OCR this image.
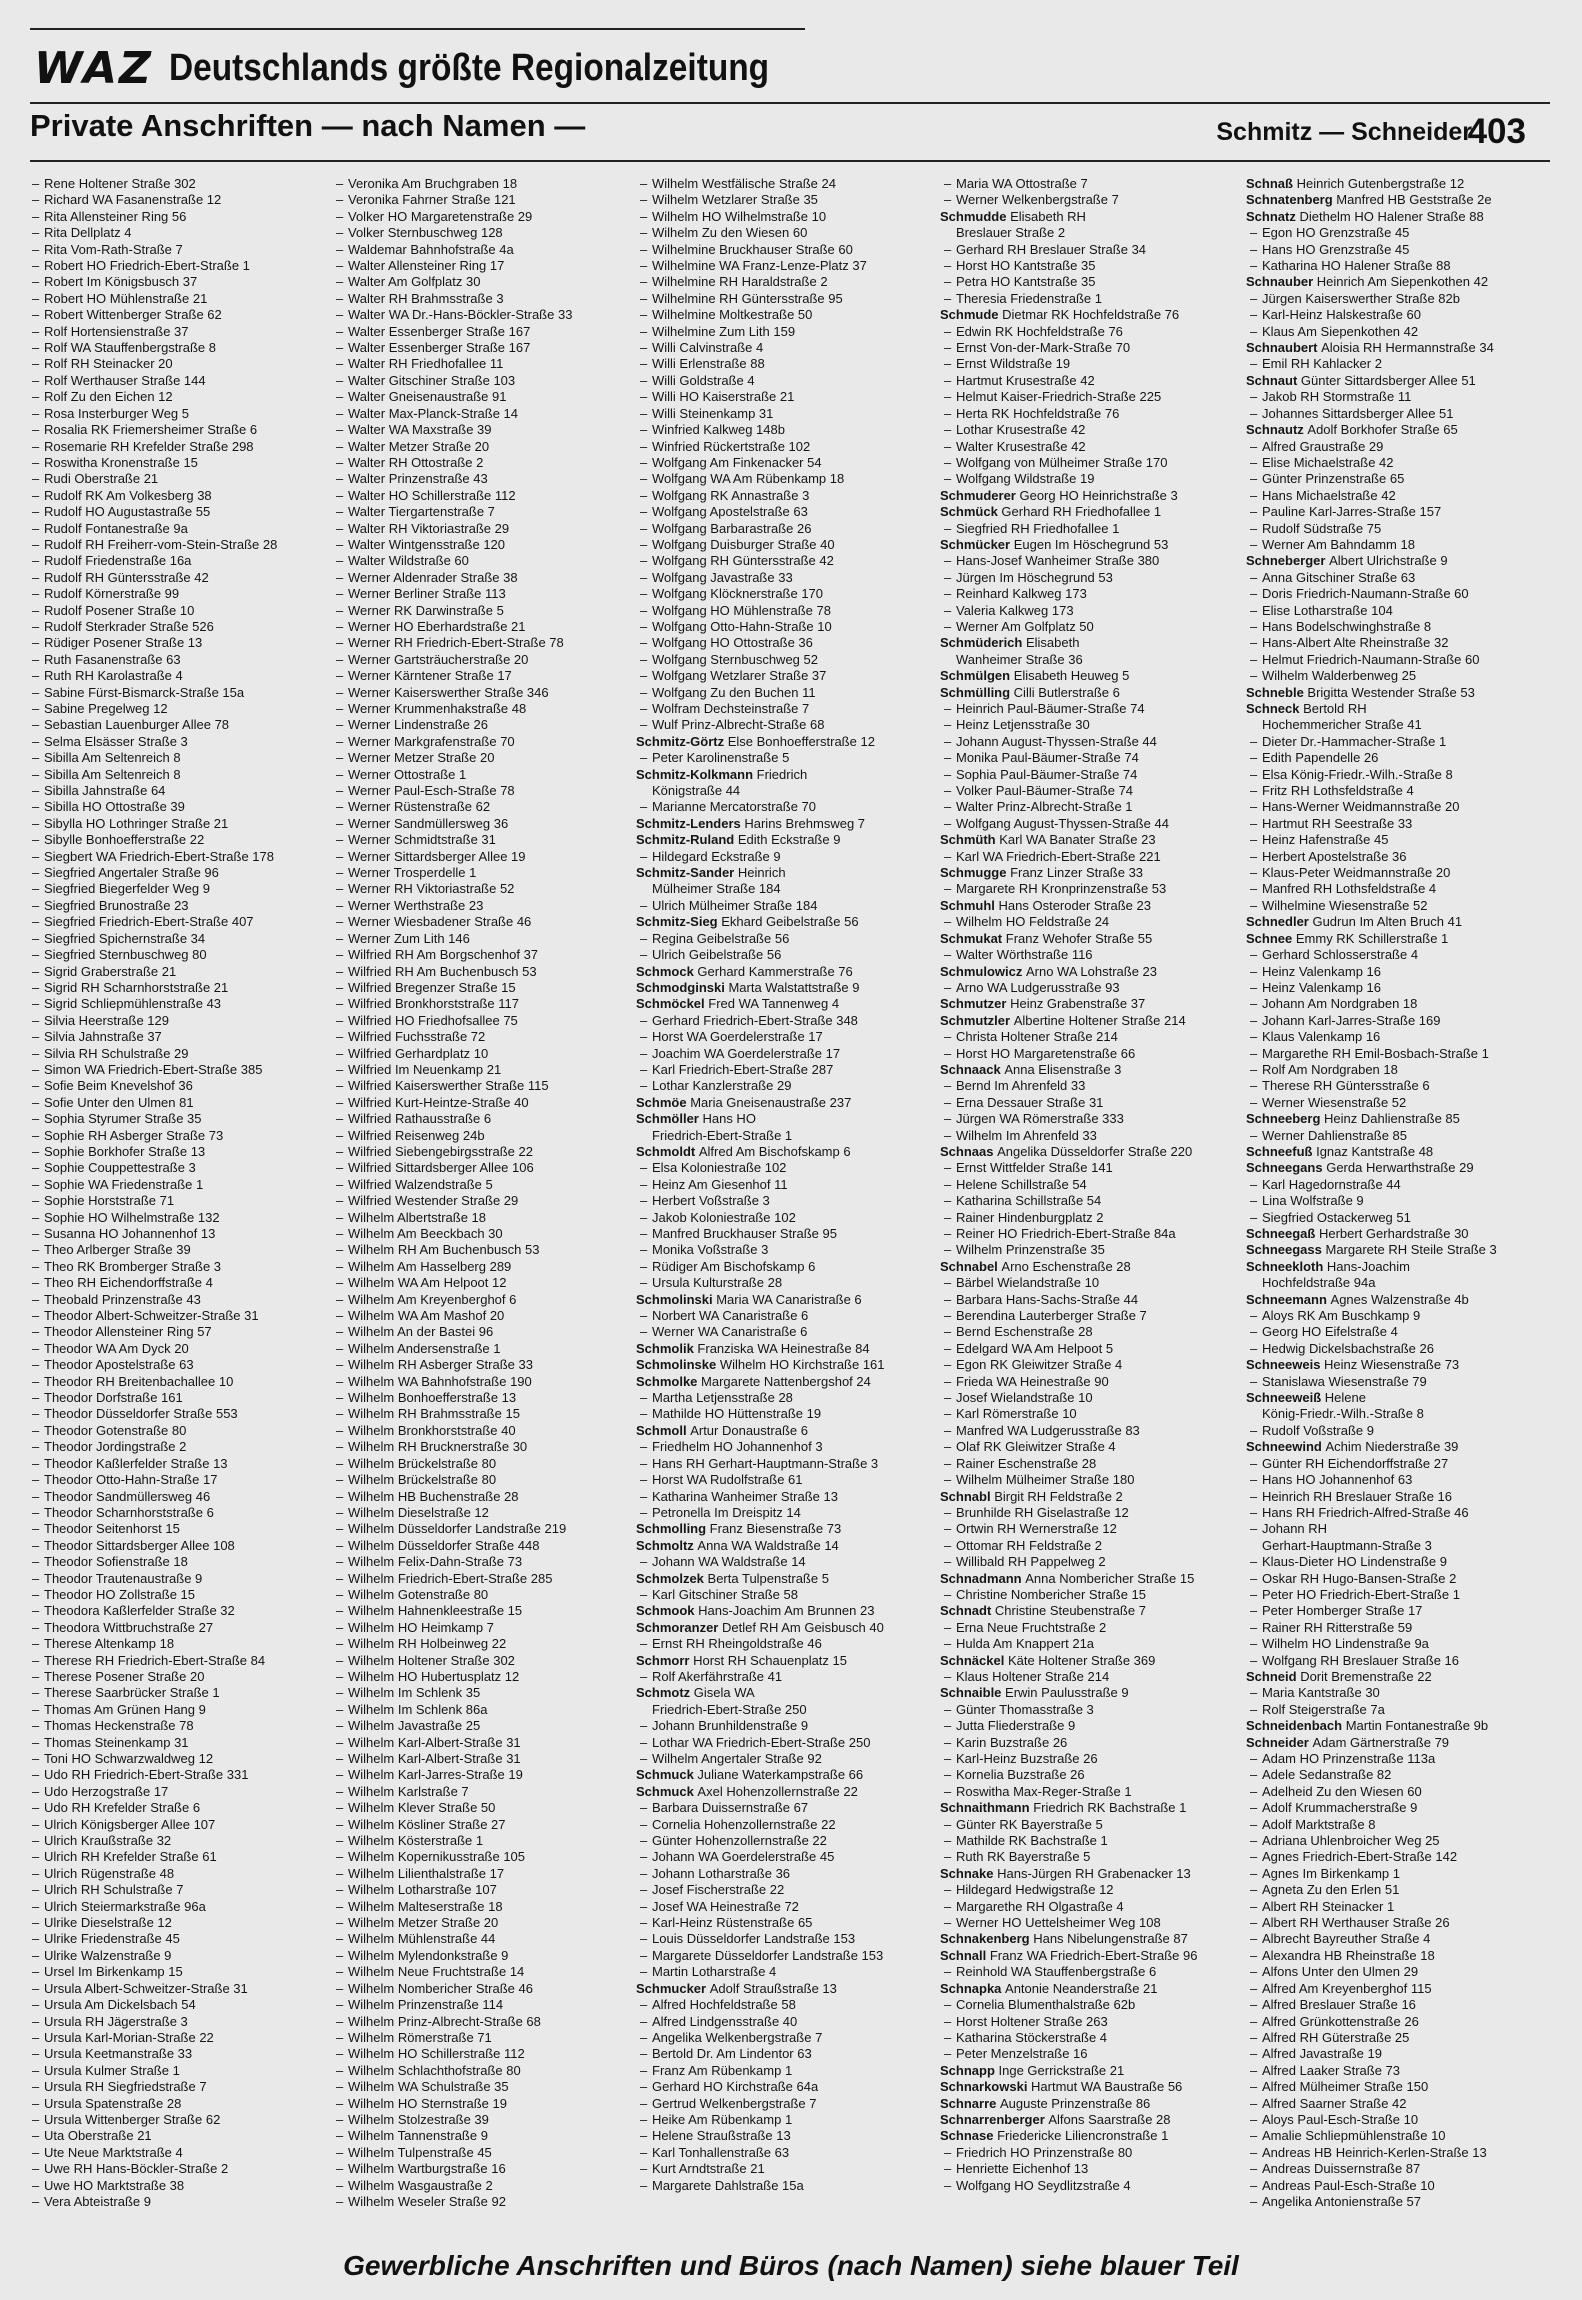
WAZ Deutschlands größte Regionalzeitung
Private Anschriften — nach Namen —	Schmitz — Schneider
403
– Rene Holtener Straße 302
– Richard WA Fasanenstraße 12
– Rita Allensteiner Ring 56
– Rita Dellplatz 4
– Rita Vom-Rath-Straße 7
– Robert HO Friedrich-Ebert-Straße 1
– Robert Im Königsbusch 37
– Robert HO Mühlenstraße 21
– Robert Wittenberger Straße 62
– Rolf Hortensienstraße 37
– Rolf WA Stauffenbergstraße 8
– Rolf RH Steinacker 20
– Rolf Werthauser Straße 144
– Rolf Zu den Eichen 12
– Rosa Insterburger Weg 5
– Rosalia RK Friemersheimer Straße 6
– Rosemarie RH Krefelder Straße 298
– Roswitha Kronenstraße 15
– Rudi Oberstraße 21
– Rudolf RK Am Volkesberg 38
– Rudolf HO Augustastraße 55
– Rudolf Fontanestraße 9a
– Rudolf RH Freiherr-vom-Stein-Straße 28
– Rudolf Friedenstraße 16a
– Rudolf RH Güntersstraße 42
– Rudolf Körnerstraße 99
– Rudolf Posener Straße 10
– Rudolf Sterkrader Straße 526
– Rüdiger Posener Straße 13
– Ruth Fasanenstraße 63
– Ruth RH Karolastraße 4
– Sabine Fürst-Bismarck-Straße 15a
– Sabine Pregelweg 12
– Sebastian Lauenburger Allee 78
– Selma Elsässer Straße 3
– Sibilla Am Seltenreich 8
– Sibilla Am Seltenreich 8
– Sibilla Jahnstraße 64
– Sibilla HO Ottostraße 39
– Sibylla HO Lothringer Straße 21
– Sibylle Bonhoefferstraße 22
– Siegbert WA Friedrich-Ebert-Straße 178
– Siegfried Angertaler Straße 96
– Siegfried Biegerfelder Weg 9
– Siegfried Brunostraße 23
– Siegfried Friedrich-Ebert-Straße 407
– Siegfried Spichernstraße 34
– Siegfried Sternbuschweg 80
– Sigrid Graberstraße 21
– Sigrid RH Scharnhorststraße 21
– Sigrid Schliepmühlenstraße 43
– Silvia Heerstraße 129
– Silvia Jahnstraße 37
– Silvia RH Schulstraße 29
– Simon WA Friedrich-Ebert-Straße 385
– Sofie Beim Knevelshof 36
– Sofie Unter den Ulmen 81
– Sophia Styrumer Straße 35
– Sophie RH Asberger Straße 73
– Sophie Borkhofer Straße 13
– Sophie Couppettestraße 3
– Sophie WA Friedenstraße 1
– Sophie Horststraße 71
– Sophie HO Wilhelmstraße 132
– Susanna HO Johannenhof 13
– Theo Arlberger Straße 39
– Theo RK Bromberger Straße 3
– Theo RH Eichendorffstraße 4
– Theobald Prinzenstraße 43
– Theodor Albert-Schweitzer-Straße 31
– Theodor Allensteiner Ring 57
– Theodor WA Am Dyck 20
– Theodor Apostelstraße 63
– Theodor RH Breitenbachallee 10
– Theodor Dorfstraße 161
– Theodor Düsseldorfer Straße 553
– Theodor Gotenstraße 80
– Theodor Jordingstraße 2
– Theodor Kaßlerfelder Straße 13
– Theodor Otto-Hahn-Straße 17
– Theodor Sandmüllersweg 46
– Theodor Scharnhorststraße 6
– Theodor Seitenhorst 15
– Theodor Sittardsberger Allee 108
– Theodor Sofienstraße 18
– Theodor Trautenaustraße 9
– Theodor HO Zollstraße 15
– Theodora Kaßlerfelder Straße 32
– Theodora Wittbruchstraße 27
– Therese Altenkamp 18
– Therese RH Friedrich-Ebert-Straße 84
– Therese Posener Straße 20
– Therese Saarbrücker Straße 1
– Thomas Am Grünen Hang 9
– Thomas Heckenstraße 78
– Thomas Steinenkamp 31
– Toni HO Schwarzwaldweg 12
– Udo RH Friedrich-Ebert-Straße 331
– Udo Herzogstraße 17
– Udo RH Krefelder Straße 6
– Ulrich Königsberger Allee 107
– Ulrich Kraußstraße 32
– Ulrich RH Krefelder Straße 61
– Ulrich Rügenstraße 48
– Ulrich RH Schulstraße 7
– Ulrich Steiermarkstraße 96a
– Ulrike Dieselstraße 12
– Ulrike Friedenstraße 45
– Ulrike Walzenstraße 9
– Ursel Im Birkenkamp 15
– Ursula Albert-Schweitzer-Straße 31
– Ursula Am Dickelsbach 54
– Ursula RH Jägerstraße 3
– Ursula Karl-Morian-Straße 22
– Ursula Keetmanstraße 33
– Ursula Kulmer Straße 1
– Ursula RH Siegfriedstraße 7
– Ursula Spatenstraße 28
– Ursula Wittenberger Straße 62
– Uta Oberstraße 21
– Ute Neue Marktstraße 4
– Uwe RH Hans-Böckler-Straße 2
– Uwe HO Marktstraße 38
– Vera Abteistraße 9
– Veronika Am Bruchgraben 18
– Veronika Fahrner Straße 121
– Volker HO Margaretenstraße 29
– Volker Sternbuschweg 128
– Waldemar Bahnhofstraße 4a
– Walter Allensteiner Ring 17
– Walter Am Golfplatz 30
– Walter RH Brahmsstraße 3
– Walter WA Dr.-Hans-Böckler-Straße 33
– Walter Essenberger Straße 167
– Walter Essenberger Straße 167
– Walter RH Friedhofallee 11
– Walter Gitschiner Straße 103
– Walter Gneisenaustraße 91
– Walter Max-Planck-Straße 14
– Walter WA Maxstraße 39
– Walter Metzer Straße 20
– Walter RH Ottostraße 2
– Walter Prinzenstraße 43
– Walter HO Schillerstraße 112
– Walter Tiergartenstraße 7
– Walter RH Viktoriastraße 29
– Walter Wintgensstraße 120
– Walter Wildstraße 60
– Werner Aldenrader Straße 38
– Werner Berliner Straße 113
– Werner RK Darwinstraße 5
– Werner HO Eberhardstraße 21
– Werner RH Friedrich-Ebert-Straße 78
– Werner Gartsträucherstraße 20
– Werner Kärntener Straße 17
– Werner Kaiserswerther Straße 346
– Werner Krummenhakstraße 48
– Werner Lindenstraße 26
– Werner Markgrafenstraße 70
– Werner Metzer Straße 20
– Werner Ottostraße 1
– Werner Paul-Esch-Straße 78
– Werner Rüstenstraße 62
– Werner Sandmüllersweg 36
– Werner Schmidtstraße 31
– Werner Sittardsberger Allee 19
– Werner Trosperdelle 1
– Werner RH Viktoriastraße 52
– Werner Werthstraße 23
– Werner Wiesbadener Straße 46
– Werner Zum Lith 146
– Wilfried RH Am Borgschenhof 37
– Wilfried RH Am Buchenbusch 53
– Wilfried Bregenzer Straße 15
– Wilfried Bronkhorststraße 117
– Wilfried HO Friedhofsallee 75
– Wilfried Fuchsstraße 72
– Wilfried Gerhardplatz 10
– Wilfried Im Neuenkamp 21
– Wilfried Kaiserswerther Straße 115
– Wilfried Kurt-Heintze-Straße 40
– Wilfried Rathausstraße 6
– Wilfried Reisenweg 24b
– Wilfried Siebengebirgsstraße 22
– Wilfried Sittardsberger Allee 106
– Wilfried Walzendstraße 5
– Wilfried Westender Straße 29
– Wilhelm Albertstraße 18
– Wilhelm Am Beeckbach 30
– Wilhelm RH Am Buchenbusch 53
– Wilhelm Am Hasselberg 289
– Wilhelm WA Am Helpoot 12
– Wilhelm Am Kreyenberghof 6
– Wilhelm WA Am Mashof 20
– Wilhelm An der Bastei 96
– Wilhelm Andersenstraße 1
– Wilhelm RH Asberger Straße 33
– Wilhelm WA Bahnhofstraße 190
– Wilhelm Bonhoefferstraße 13
– Wilhelm RH Brahmsstraße 15
– Wilhelm Bronkhorststraße 40
– Wilhelm RH Brucknerstraße 30
– Wilhelm Brückelstraße 80
– Wilhelm Brückelstraße 80
– Wilhelm HB Buchenstraße 28
– Wilhelm Dieselstraße 12
– Wilhelm Düsseldorfer Landstraße 219
– Wilhelm Düsseldorfer Straße 448
– Wilhelm Felix-Dahn-Straße 73
– Wilhelm Friedrich-Ebert-Straße 285
– Wilhelm Gotenstraße 80
– Wilhelm Hahnenkleestraße 15
– Wilhelm HO Heimkamp 7
– Wilhelm RH Holbeinweg 22
– Wilhelm Holtener Straße 302
– Wilhelm HO Hubertusplatz 12
– Wilhelm Im Schlenk 35
– Wilhelm Im Schlenk 86a
– Wilhelm Javastraße 25
– Wilhelm Karl-Albert-Straße 31
– Wilhelm Karl-Albert-Straße 31
– Wilhelm Karl-Jarres-Straße 19
– Wilhelm Karlstraße 7
– Wilhelm Klever Straße 50
– Wilhelm Kösliner Straße 27
– Wilhelm Kösterstraße 1
– Wilhelm Kopernikusstraße 105
– Wilhelm Lilienthalstraße 17
– Wilhelm Lotharstraße 107
– Wilhelm Malteserstraße 18
– Wilhelm Metzer Straße 20
– Wilhelm Mühlenstraße 44
– Wilhelm Mylendonkstraße 9
– Wilhelm Neue Fruchtstraße 14
– Wilhelm Nombericher Straße 46
– Wilhelm Prinzenstraße 114
– Wilhelm Prinz-Albrecht-Straße 68
– Wilhelm Römerstraße 71
– Wilhelm HO Schillerstraße 112
– Wilhelm Schlachthofstraße 80
– Wilhelm WA Schulstraße 35
– Wilhelm HO Sternstraße 19
– Wilhelm Stolzestraße 39
– Wilhelm Tannenstraße 9
– Wilhelm Tulpenstraße 45
– Wilhelm Wartburgstraße 16
– Wilhelm Wasgaustraße 2
– Wilhelm Weseler Straße 92
– Wilhelm Westfälische Straße 24
– Wilhelm Wetzlarer Straße 35
– Wilhelm HO Wilhelmstraße 10
– Wilhelm Zu den Wiesen 60
– Wilhelmine Bruckhauser Straße 60
– Wilhelmine WA Franz-Lenze-Platz 37
– Wilhelmine RH Haraldstraße 2
– Wilhelmine RH Güntersstraße 95
– Wilhelmine Moltkestraße 50
– Wilhelmine Zum Lith 159
– Willi Calvinstraße 4
– Willi Erlenstraße 88
– Willi Goldstraße 4
– Willi HO Kaiserstraße 21
– Willi Steinenkamp 31
– Winfried Kalkweg 148b
– Winfried Rückertstraße 102
– Wolfgang Am Finkenacker 54
– Wolfgang WA Am Rübenkamp 18
– Wolfgang RK Annastraße 3
– Wolfgang Apostelstraße 63
– Wolfgang Barbarastraße 26
– Wolfgang Duisburger Straße 40
– Wolfgang RH Güntersstraße 42
– Wolfgang Javastraße 33
– Wolfgang Klöcknerstraße 170
– Wolfgang HO Mühlenstraße 78
– Wolfgang Otto-Hahn-Straße 10
– Wolfgang HO Ottostraße 36
– Wolfgang Sternbuschweg 52
– Wolfgang Wetzlarer Straße 37
– Wolfgang Zu den Buchen 11
– Wolfram Dechsteinstraße 7
– Wulf Prinz-Albrecht-Straße 68
Schmitz-Görtz Else Bonhoefferstraße 12
– Peter Karolinenstraße 5
Schmitz-Kolkmann Friedrich
Königstraße 44
– Marianne Mercatorstraße 70
Schmitz-Lenders Harins Brehmsweg 7
Schmitz-Ruland Edith Eckstraße 9
– Hildegard Eckstraße 9
Schmitz-Sander Heinrich
Mülheimer Straße 184
– Ulrich Mülheimer Straße 184
Schmitz-Sieg Ekhard Geibelstraße 56
– Regina Geibelstraße 56
– Ulrich Geibelstraße 56
Schmock Gerhard Kammerstraße 76
Schmodginski Marta Walstattstraße 9
Schmöckel Fred WA Tannenweg 4
– Gerhard Friedrich-Ebert-Straße 348
– Horst WA Goerdelerstraße 17
– Joachim WA Goerdelerstraße 17
– Karl Friedrich-Ebert-Straße 287
– Lothar Kanzlerstraße 29
Schmöe Maria Gneisenaustraße 237
Schmöller Hans HO
Friedrich-Ebert-Straße 1
Schmoldt Alfred Am Bischofskamp 6
– Elsa Koloniestraße 102
– Heinz Am Giesenhof 11
– Herbert Voßstraße 3
– Jakob Koloniestraße 102
– Manfred Bruckhauser Straße 95
– Monika Voßstraße 3
– Rüdiger Am Bischofskamp 6
– Ursula Kulturstraße 28
Schmolinski Maria WA Canaristraße 6
– Norbert WA Canaristraße 6
– Werner WA Canaristraße 6
Schmolik Franziska WA Heinestraße 84
Schmolinske Wilhelm HO Kirchstraße 161
Schmolke Margarete Nattenbergshof 24
– Martha Letjensstraße 28
– Mathilde HO Hüttenstraße 19
Schmoll Artur Donaustraße 6
– Friedhelm HO Johannenhof 3
– Hans RH Gerhart-Hauptmann-Straße 3
– Horst WA Rudolfstraße 61
– Katharina Wanheimer Straße 13
– Petronella Im Dreispitz 14
Schmolling Franz Biesenstraße 73
Schmoltz Anna WA Waldstraße 14
– Johann WA Waldstraße 14
Schmolzek Berta Tulpenstraße 5
– Karl Gitschiner Straße 58
Schmook Hans-Joachim Am Brunnen 23
Schmoranzer Detlef RH Am Geisbusch 40
– Ernst RH Rheingoldstraße 46
Schmorr Horst RH Schauenplatz 15
– Rolf Akerfährstraße 41
Schmotz Gisela WA
Friedrich-Ebert-Straße 250
– Johann Brunhildenstraße 9
– Lothar WA Friedrich-Ebert-Straße 250
– Wilhelm Angertaler Straße 92
Schmuck Juliane Waterkampstraße 66
Schmuck Axel Hohenzollernstraße 22
– Barbara Duissernstraße 67
– Cornelia Hohenzollernstraße 22
– Günter Hohenzollernstraße 22
– Johann WA Goerdelerstraße 45
– Johann Lotharstraße 36
– Josef Fischerstraße 22
– Josef WA Heinestraße 72
– Karl-Heinz Rüstenstraße 65
– Louis Düsseldorfer Landstraße 153
– Margarete Düsseldorfer Landstraße 153
– Martin Lotharstraße 4
Schmucker Adolf Straußstraße 13
– Alfred Hochfeldstraße 58
– Alfred Lindgensstraße 40
– Angelika Welkenbergstraße 7
– Bertold Dr. Am Lindentor 63
– Franz Am Rübenkamp 1
– Gerhard HO Kirchstraße 64a
– Gertrud Welkenbergstraße 7
– Heike Am Rübenkamp 1
– Helene Straußstraße 13
– Karl Tonhallenstraße 63
– Kurt Arndtstraße 21
– Margarete Dahlstraße 15a
– Maria WA Ottostraße 7
– Werner Welkenbergstraße 7
Schmudde Elisabeth RH
Breslauer Straße 2
– Gerhard RH Breslauer Straße 34
– Horst HO Kantstraße 35
– Petra HO Kantstraße 35
– Theresia Friedenstraße 1
Schmude Dietmar RK Hochfeldstraße 76
– Edwin RK Hochfeldstraße 76
– Ernst Von-der-Mark-Straße 70
– Ernst Wildstraße 19
– Hartmut Krusestraße 42
– Helmut Kaiser-Friedrich-Straße 225
– Herta RK Hochfeldstraße 76
– Lothar Krusestraße 42
– Walter Krusestraße 42
– Wolfgang von Mülheimer Straße 170
– Wolfgang Wildstraße 19
Schmuderer Georg HO Heinrichstraße 3
Schmück Gerhard RH Friedhofallee 1
– Siegfried RH Friedhofallee 1
Schmücker Eugen Im Höschegrund 53
– Hans-Josef Wanheimer Straße 380
– Jürgen Im Höschegrund 53
– Reinhard Kalkweg 173
– Valeria Kalkweg 173
– Werner Am Golfplatz 50
Schmüderich Elisabeth
Wanheimer Straße 36
Schmülgen Elisabeth Heuweg 5
Schmülling Cilli Butlerstraße 6
– Heinrich Paul-Bäumer-Straße 74
– Heinz Letjensstraße 30
– Johann August-Thyssen-Straße 44
– Monika Paul-Bäumer-Straße 74
– Sophia Paul-Bäumer-Straße 74
– Volker Paul-Bäumer-Straße 74
– Walter Prinz-Albrecht-Straße 1
– Wolfgang August-Thyssen-Straße 44
Schmüth Karl WA Banater Straße 23
– Karl WA Friedrich-Ebert-Straße 221
Schmugge Franz Linzer Straße 33
– Margarete RH Kronprinzenstraße 53
Schmuhl Hans Osteroder Straße 23
– Wilhelm HO Feldstraße 24
Schmukat Franz Wehofer Straße 55
– Walter Wörthstraße 116
Schmulowicz Arno WA Lohstraße 23
– Arno WA Ludgerusstraße 93
Schmutzer Heinz Grabenstraße 37
Schmutzler Albertine Holtener Straße 214
– Christa Holtener Straße 214
– Horst HO Margaretenstraße 66
Schnaack Anna Elisenstraße 3
– Bernd Im Ahrenfeld 33
– Erna Dessauer Straße 31
– Jürgen WA Römerstraße 333
– Wilhelm Im Ahrenfeld 33
Schnaas Angelika Düsseldorfer Straße 220
– Ernst Wittfelder Straße 141
– Helene Schillstraße 54
– Katharina Schillstraße 54
– Rainer Hindenburgplatz 2
– Reiner HO Friedrich-Ebert-Straße 84a
– Wilhelm Prinzenstraße 35
Schnabel Arno Eschenstraße 28
– Bärbel Wielandstraße 10
– Barbara Hans-Sachs-Straße 44
– Berendina Lauterberger Straße 7
– Bernd Eschenstraße 28
– Edelgard WA Am Helpoot 5
– Egon RK Gleiwitzer Straße 4
– Frieda WA Heinestraße 90
– Josef Wielandstraße 10
– Karl Römerstraße 10
– Manfred WA Ludgerusstraße 83
– Olaf RK Gleiwitzer Straße 4
– Rainer Eschenstraße 28
– Wilhelm Mülheimer Straße 180
Schnabl Birgit RH Feldstraße 2
– Brunhilde RH Giselastraße 12
– Ortwin RH Wernerstraße 12
– Ottomar RH Feldstraße 2
– Willibald RH Pappelweg 2
Schnadmann Anna Nombericher Straße 15
– Christine Nombericher Straße 15
Schnadt Christine Steubenstraße 7
– Erna Neue Fruchtstraße 2
– Hulda Am Knappert 21a
Schnäckel Käte Holtener Straße 369
– Klaus Holtener Straße 214
Schnaible Erwin Paulusstraße 9
– Günter Thomasstraße 3
– Jutta Fliederstraße 9
– Karin Buzstraße 26
– Karl-Heinz Buzstraße 26
– Kornelia Buzstraße 26
– Roswitha Max-Reger-Straße 1
Schnaithmann Friedrich RK Bachstraße 1
– Günter RK Bayerstraße 5
– Mathilde RK Bachstraße 1
– Ruth RK Bayerstraße 5
Schnake Hans-Jürgen RH Grabenacker 13
– Hildegard Hedwigstraße 12
– Margarethe RH Olgastraße 4
– Werner HO Uettelsheimer Weg 108
Schnakenberg Hans Nibelungenstraße 87
Schnall Franz WA Friedrich-Ebert-Straße 96
– Reinhold WA Stauffenbergstraße 6
Schnapka Antonie Neanderstraße 21
– Cornelia Blumenthalstraße 62b
– Horst Holtener Straße 263
– Katharina Stöckerstraße 4
– Peter Menzelstraße 16
Schnapp Inge Gerrickstraße 21
Schnarkowski Hartmut WA Baustraße 56
Schnarre Auguste Prinzenstraße 86
Schnarrenberger Alfons Saarstraße 28
Schnase Friedericke Liliencronstraße 1
– Friedrich HO Prinzenstraße 80
– Henriette Eichenhof 13
– Wolfgang HO Seydlitzstraße 4
Schnaß Heinrich Gutenbergstraße 12
Schnatenberg Manfred HB Geststraße 2e
Schnatz Diethelm HO Halener Straße 88
– Egon HO Grenzstraße 45
– Hans HO Grenzstraße 45
– Katharina HO Halener Straße 88
Schnauber Heinrich Am Siepenkothen 42
– Jürgen Kaiserswerther Straße 82b
– Karl-Heinz Halskestraße 60
– Klaus Am Siepenkothen 42
Schnaubert Aloisia RH Hermannstraße 34
– Emil RH Kahlacker 2
Schnaut Günter Sittardsberger Allee 51
– Jakob RH Stormstraße 11
– Johannes Sittardsberger Allee 51
Schnautz Adolf Borkhofer Straße 65
– Alfred Graustraße 29
– Elise Michaelstraße 42
– Günter Prinzenstraße 65
– Hans Michaelstraße 42
– Pauline Karl-Jarres-Straße 157
– Rudolf Südstraße 75
– Werner Am Bahndamm 18
Schneberger Albert Ulrichstraße 9
– Anna Gitschiner Straße 63
– Doris Friedrich-Naumann-Straße 60
– Elise Lotharstraße 104
– Hans Bodelschwinghstraße 8
– Hans-Albert Alte Rheinstraße 32
– Helmut Friedrich-Naumann-Straße 60
– Wilhelm Walderbenweg 25
Schneble Brigitta Westender Straße 53
Schneck Bertold RH
Hochemmericher Straße 41
– Dieter Dr.-Hammacher-Straße 1
– Edith Papendelle 26
– Elsa König-Friedr.-Wilh.-Straße 8
– Fritz RH Lothsfeldstraße 4
– Hans-Werner Weidmannstraße 20
– Hartmut RH Seestraße 33
– Heinz Hafenstraße 45
– Herbert Apostelstraße 36
– Klaus-Peter Weidmannstraße 20
– Manfred RH Lothsfeldstraße 4
– Wilhelmine Wiesenstraße 52
Schnedler Gudrun Im Alten Bruch 41
Schnee Emmy RK Schillerstraße 1
– Gerhard Schlosserstraße 4
– Heinz Valenkamp 16
– Heinz Valenkamp 16
– Johann Am Nordgraben 18
– Johann Karl-Jarres-Straße 169
– Klaus Valenkamp 16
– Margarethe RH Emil-Bosbach-Straße 1
– Rolf Am Nordgraben 18
– Therese RH Güntersstraße 6
– Werner Wiesenstraße 52
Schneeberg Heinz Dahlienstraße 85
– Werner Dahlienstraße 85
Schneefuß Ignaz Kantstraße 48
Schneegans Gerda Herwarthstraße 29
– Karl Hagedornstraße 44
– Lina Wolfstraße 9
– Siegfried Ostackerweg 51
Schneegaß Herbert Gerhardstraße 30
Schneegass Margarete RH Steile Straße 3
Schneekloth Hans-Joachim
Hochfeldstraße 94a
Schneemann Agnes Walzenstraße 4b
– Aloys RK Am Buschkamp 9
– Georg HO Eifelstraße 4
– Hedwig Dickelsbachstraße 26
Schneeweis Heinz Wiesenstraße 73
– Stanislawa Wiesenstraße 79
Schneeweiß Helene
König-Friedr.-Wilh.-Straße 8
– Rudolf Voßstraße 9
Schneewind Achim Niederstraße 39
– Günter RH Eichendorffstraße 27
– Hans HO Johannenhof 63
– Heinrich RH Breslauer Straße 16
– Hans RH Friedrich-Alfred-Straße 46
– Johann RH
Gerhart-Hauptmann-Straße 3
– Klaus-Dieter HO Lindenstraße 9
– Oskar RH Hugo-Bansen-Straße 2
– Peter HO Friedrich-Ebert-Straße 1
– Peter Homberger Straße 17
– Rainer RH Ritterstraße 59
– Wilhelm HO Lindenstraße 9a
– Wolfgang RH Breslauer Straße 16
Schneid Dorit Bremenstraße 22
– Maria Kantstraße 30
– Rolf Steigerstraße 7a
Schneidenbach Martin Fontanestraße 9b
Schneider Adam Gärtnerstraße 79
– Adam HO Prinzenstraße 113a
– Adele Sedanstraße 82
– Adelheid Zu den Wiesen 60
– Adolf Krummacherstraße 9
– Adolf Marktstraße 8
– Adriana Uhlenbroicher Weg 25
– Agnes Friedrich-Ebert-Straße 142
– Agnes Im Birkenkamp 1
– Agneta Zu den Erlen 51
– Albert RH Steinacker 1
– Albert RH Werthauser Straße 26
– Albrecht Bayreuther Straße 4
– Alexandra HB Rheinstraße 18
– Alfons Unter den Ulmen 29
– Alfred Am Kreyenberghof 115
– Alfred Breslauer Straße 16
– Alfred Grünkottenstraße 26
– Alfred RH Güterstraße 25
– Alfred Javastraße 19
– Alfred Laaker Straße 73
– Alfred Mülheimer Straße 150
– Alfred Saarner Straße 42
– Aloys Paul-Esch-Straße 10
– Amalie Schliepmühlenstraße 10
– Andreas HB Heinrich-Kerlen-Straße 13
– Andreas Duissernstraße 87
– Andreas Paul-Esch-Straße 10
– Angelika Antonienstraße 57
Gewerbliche Anschriften und Büros (nach Namen) siehe blauer Teil
